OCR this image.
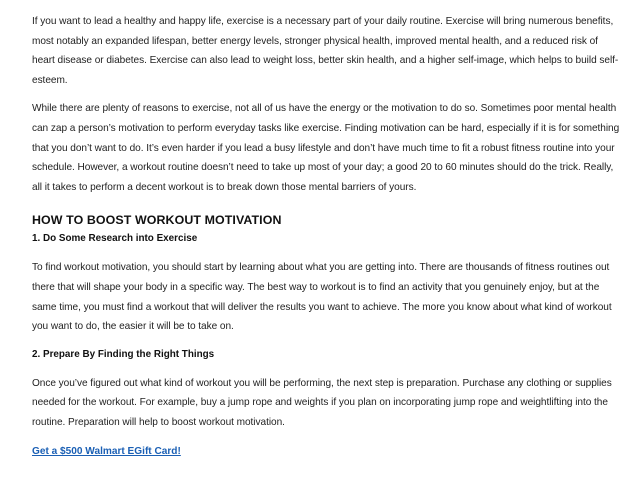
If you want to lead a healthy and happy life, exercise is a necessary part of your daily routine. Exercise will bring numerous benefits, most notably an expanded lifespan, better energy levels, stronger physical health, improved mental health, and a reduced risk of heart disease or diabetes. Exercise can also lead to weight loss, better skin health, and a higher self-image, which helps to build self-esteem.

While there are plenty of reasons to exercise, not all of us have the energy or the motivation to do so. Sometimes poor mental health can zap a person’s motivation to perform everyday tasks like exercise. Finding motivation can be hard, especially if it is for something that you don’t want to do. It’s even harder if you lead a busy lifestyle and don’t have much time to fit a robust fitness routine into your schedule. However, a workout routine doesn’t need to take up most of your day; a good 20 to 60 minutes should do the trick. Really, all it takes to perform a decent workout is to break down those mental barriers of yours.

HOW TO BOOST WORKOUT MOTIVATION
1. Do Some Research into Exercise

To find workout motivation, you should start by learning about what you are getting into. There are thousands of fitness routines out there that will shape your body in a specific way. The best way to workout is to find an activity that you genuinely enjoy, but at the same time, you must find a workout that will deliver the results you want to achieve. The more you know about what kind of workout you want to do, the easier it will be to take on.

2. Prepare By Finding the Right Things

Once you’ve figured out what kind of workout you will be performing, the next step is preparation. Purchase any clothing or supplies needed for the workout. For example, buy a jump rope and weights if you plan on incorporating jump rope and weightlifting into the routine. Preparation will help to boost workout motivation.

Get a $500 Walmart EGift Card!
